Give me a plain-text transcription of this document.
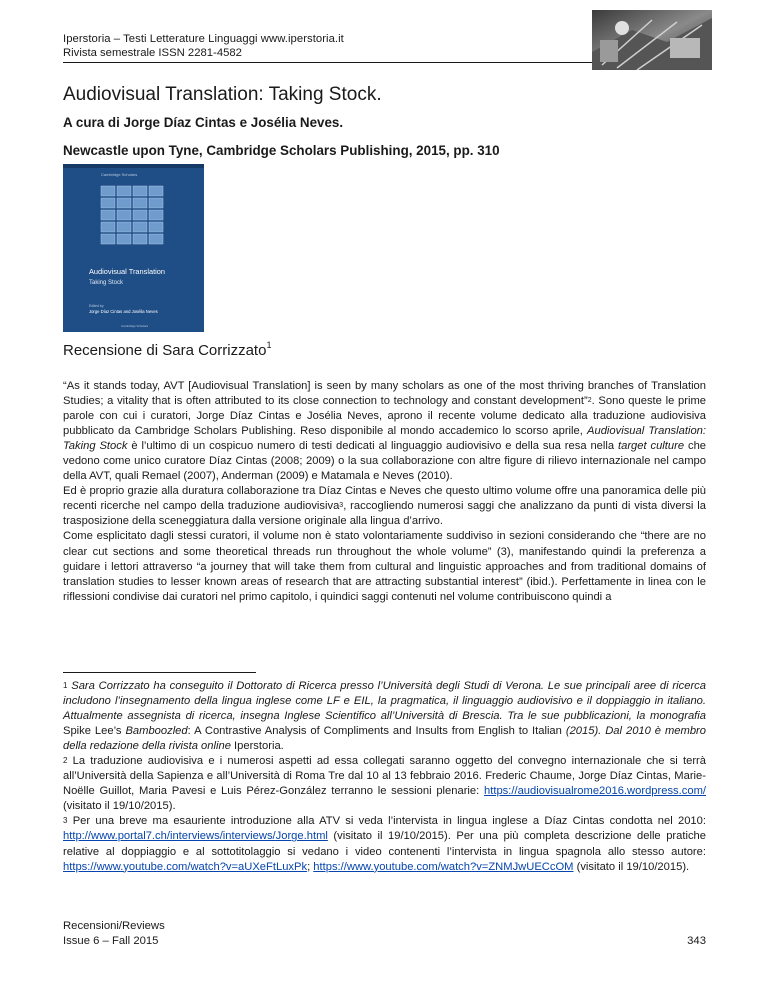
Iperstoria – Testi Letterature Linguaggi www.iperstoria.it
Rivista semestrale ISSN 2281-4582
Audiovisual Translation: Taking Stock.
A cura di Jorge Díaz Cintas e Josélia Neves.
Newcastle upon Tyne, Cambridge Scholars Publishing, 2015, pp. 310
Cambridge Scholars
Audiovisual Translation
Taking Stock
Edited by
Jorge Díaz Cintas and Josélia Neves
Cambridge Scholars
Recensione di Sara Corrizzato$^1$

“As it stands today, AVT [Audiovisual Translation] is seen by many scholars as one of the most thriving branches of Translation Studies; a vitality that is often attributed to its close connection to technology and constant development”$^2$. Sono queste le prime parole con cui i curatori, Jorge Díaz Cintas e Josélia Neves, aprono il recente volume dedicato alla traduzione audiovisiva pubblicato da Cambridge Scholars Publishing. Reso disponibile al mondo accademico lo scorso aprile, Audiovisual Translation: Taking Stock è l’ultimo di un cospicuo numero di testi dedicati al linguaggio audiovisivo e della sua resa nella target culture che vedono come unico curatore Díaz Cintas (2008; 2009) o la sua collaborazione con altre figure di rilievo internazionale nel campo della AVT, quali Remael (2007), Anderman (2009) e Matamala e Neves (2010).

Ed è proprio grazie alla duratura collaborazione tra Díaz Cintas e Neves che questo ultimo volume offre una panoramica delle più recenti ricerche nel campo della traduzione audiovisiva$^3$, raccogliendo numerosi saggi che analizzano da punti di vista diversi la trasposizione della sceneggiatura dalla versione originale alla lingua d’arrivo.

Come esplicitato dagli stessi curatori, il volume non è stato volontariamente suddiviso in sezioni considerando che “there are no clear cut sections and some theoretical threads run throughout the whole volume” (3), manifestando quindi la preferenza a guidare i lettori attraverso “a journey that will take them from cultural and linguistic approaches and from traditional domains of translation studies to lesser known areas of research that are attracting substantial interest” (ibid.). Perfettamente in linea con le riflessioni condivise dai curatori nel primo capitolo, i quindici saggi contenuti nel volume contribuiscono quindi a

$^1$ Sara Corrizzato ha conseguito il Dottorato di Ricerca presso l’Università degli Studi di Verona. Le sue principali aree di ricerca includono l’insegnamento della lingua inglese come LF e EIL, la pragmatica, il linguaggio audiovisivo e il doppiaggio in italiano. Attualmente assegnista di ricerca, insegna Inglese Scientifico all’Università di Brescia. Tra le sue pubblicazioni, la monografia Spike Lee’s Bamboozled: A Contrastive Analysis of Compliments and Insults from English to Italian (2015). Dal 2010 è membro della redazione della rivista online Iperstoria.

$^2$ La traduzione audiovisiva e i numerosi aspetti ad essa collegati saranno oggetto del convegno internazionale che si terrà all’Università della Sapienza e all’Università di Roma Tre dal 10 al 13 febbraio 2016. Frederic Chaume, Jorge Díaz Cintas, Marie-Noëlle Guillot, Maria Pavesi e Luis Pérez-González terranno le sessioni plenarie: https://audiovisualrome2016.wordpress.com/ (visitato il 19/10/2015).

$^3$ Per una breve ma esauriente introduzione alla ATV si veda l’intervista in lingua inglese a Díaz Cintas condotta nel 2010: http://www.portal7.ch/interviews/interviews/Jorge.html (visitato il 19/10/2015). Per una più completa descrizione delle pratiche relative al doppiaggio e al sottotitolaggio si vedano i video contenenti l’intervista in lingua spagnola allo stesso autore: https://www.youtube.com/watch?v=aUXeFtLuxPk; https://www.youtube.com/watch?v=ZNMJwUECcOM (visitato il 19/10/2015).

Recensioni/Reviews
Issue 6 – Fall 2015	343
